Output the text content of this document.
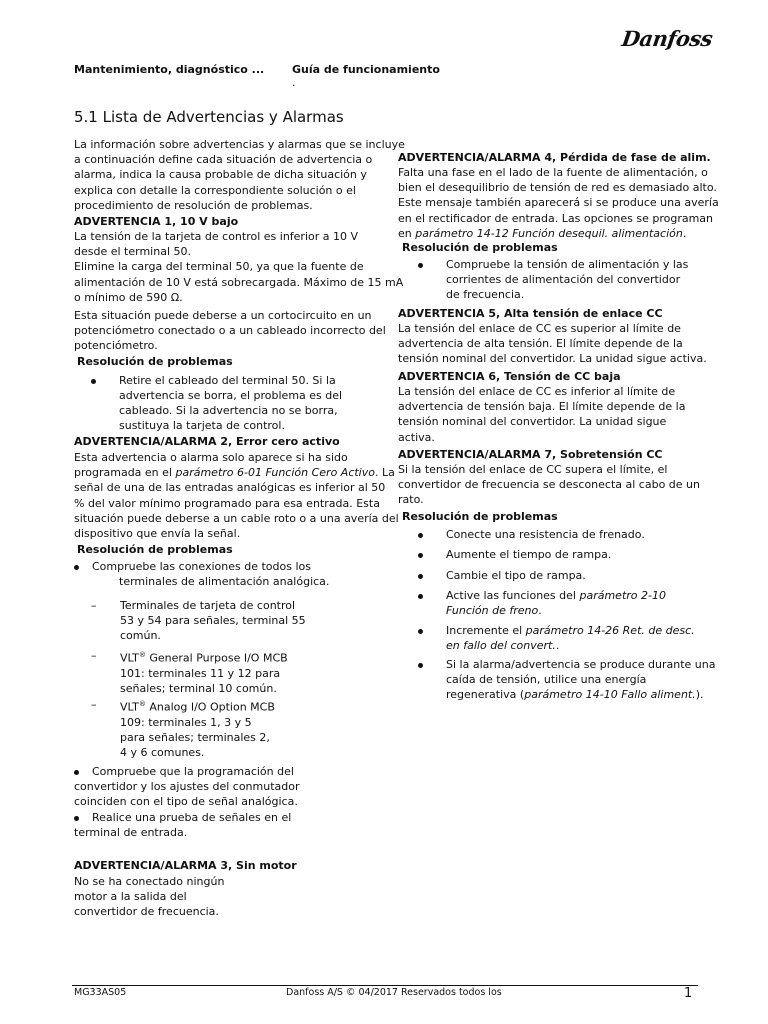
Mantenimiento, diagnóstico ...	Guía de funcionamiento
.
Danfoss
5.1 Lista de Advertencias y Alarmas
La información sobre advertencias y alarmas que se incluye
a continuación define cada situación de advertencia o
alarma, indica la causa probable de dicha situación y
explica con detalle la correspondiente solución o el
procedimiento de resolución de problemas.
ADVERTENCIA 1, 10 V bajo
La tensión de la tarjeta de control es inferior a 10 V
desde el terminal 50.
Elimine la carga del terminal 50, ya que la fuente de
alimentación de 10 V está sobrecargada. Máximo de 15 mA
o mínimo de 590 Ω.
Esta situación puede deberse a un cortocircuito en un
potenciómetro conectado o a un cableado incorrecto del
potenciómetro.
Resolución de problemas
Retire el cableado del terminal 50. Si la
advertencia se borra, el problema es del
cableado. Si la advertencia no se borra,
sustituya la tarjeta de control.
ADVERTENCIA/ALARMA 2, Error cero activo
Esta advertencia o alarma solo aparece si ha sido
programada en el parámetro 6-01 Función Cero Activo. La
señal de una de las entradas analógicas es inferior al 50
% del valor mínimo programado para esa entrada. Esta
situación puede deberse a un cable roto o a una avería del
dispositivo que envía la señal.
Resolución de problemas
Compruebe las conexiones de todos los
terminales de alimentación analógica.
– Terminales de tarjeta de control
53 y 54 para señales, terminal 55
común.
– VLT® General Purpose I/O MCB
101: terminales 11 y 12 para
señales; terminal 10 común.
– VLT® Analog I/O Option MCB
109: terminales 1, 3 y 5
para señales; terminales 2,
4 y 6 comunes.
Compruebe que la programación del
convertidor y los ajustes del conmutador
coinciden con el tipo de señal analógica.
Realice una prueba de señales en el
terminal de entrada.
ADVERTENCIA/ALARMA 3, Sin motor
No se ha conectado ningún
motor a la salida del
convertidor de frecuencia.
ADVERTENCIA/ALARMA 4, Pérdida de fase de alim.
Falta una fase en el lado de la fuente de alimentación, o
bien el desequilibrio de tensión de red es demasiado alto.
Este mensaje también aparecerá si se produce una avería
en el rectificador de entrada. Las opciones se programan
en parámetro 14-12 Función desequil. alimentación.
Resolución de problemas
Compruebe la tensión de alimentación y las
corrientes de alimentación del convertidor
de frecuencia.
ADVERTENCIA 5, Alta tensión de enlace CC
La tensión del enlace de CC es superior al límite de
advertencia de alta tensión. El límite depende de la
tensión nominal del convertidor. La unidad sigue activa.
ADVERTENCIA 6, Tensión de CC baja
La tensión del enlace de CC es inferior al límite de
advertencia de tensión baja. El límite depende de la
tensión nominal del convertidor. La unidad sigue
activa.
ADVERTENCIA/ALARMA 7, Sobretensión CC
Si la tensión del enlace de CC supera el límite, el
convertidor de frecuencia se desconecta al cabo de un
rato.
Resolución de problemas
Conecte una resistencia de frenado.
Aumente el tiempo de rampa.
Cambie el tipo de rampa.
Active las funciones del parámetro 2-10
Función de freno.
Incremente el parámetro 14-26 Ret. de desc.
en fallo del convert..
Si la alarma/advertencia se produce durante una
caída de tensión, utilice una energía
regenerativa (parámetro 14-10 Fallo aliment.).
MG33AS05	Danfoss A/S © 04/2017 Reservados todos los	1
